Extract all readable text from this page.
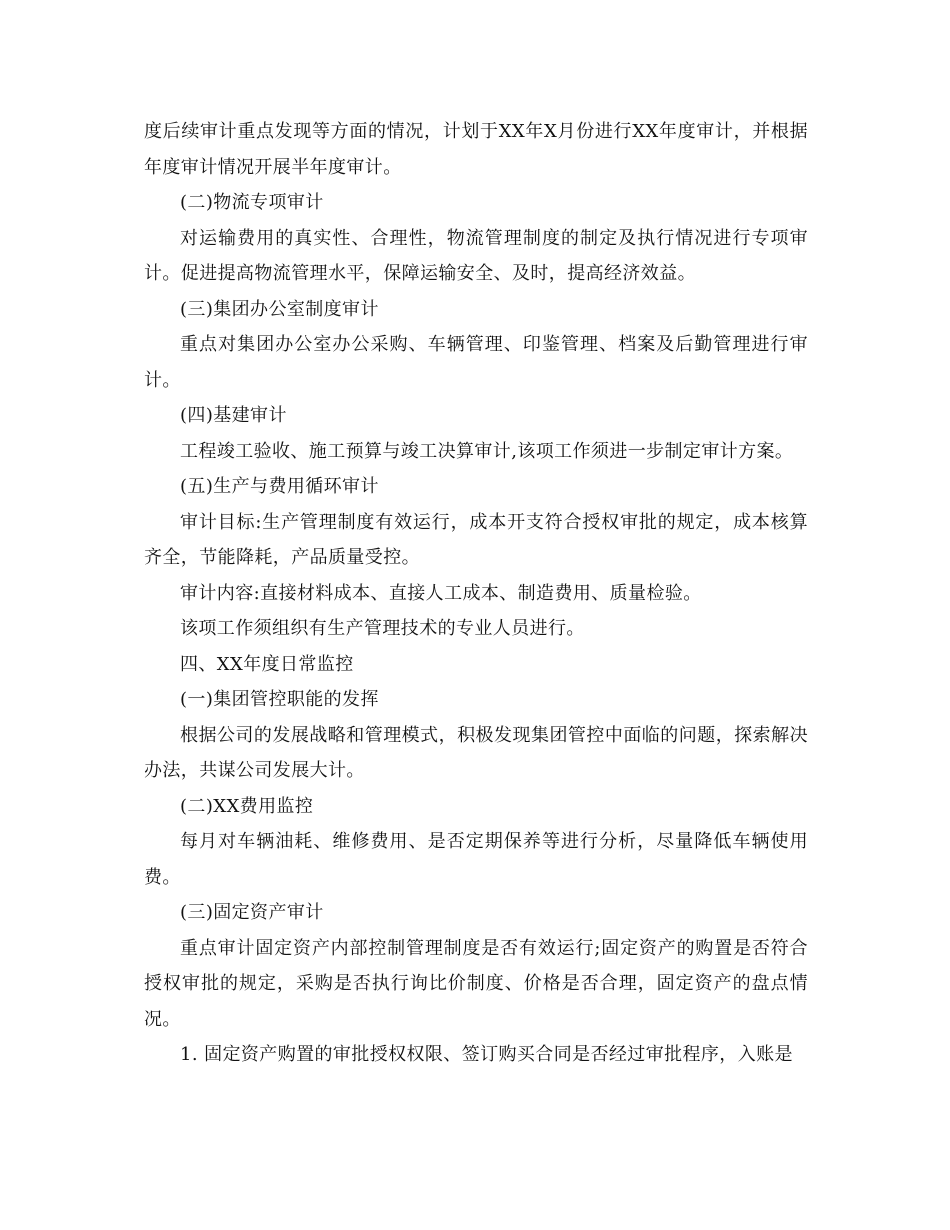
度后续审计重点发现等方面的情况，计划于XX年X月份进行XX年度审计，并根据年度审计情况开展半年度审计。

(二)物流专项审计

对运输费用的真实性、合理性，物流管理制度的制定及执行情况进行专项审计。促进提高物流管理水平，保障运输安全、及时，提高经济效益。

(三)集团办公室制度审计

重点对集团办公室办公采购、车辆管理、印鉴管理、档案及后勤管理进行审计。

(四)基建审计

工程竣工验收、施工预算与竣工决算审计,该项工作须进一步制定审计方案。

(五)生产与费用循环审计

审计目标:生产管理制度有效运行，成本开支符合授权审批的规定，成本核算齐全，节能降耗，产品质量受控。

审计内容:直接材料成本、直接人工成本、制造费用、质量检验。

该项工作须组织有生产管理技术的专业人员进行。

四、XX年度日常监控

(一)集团管控职能的发挥

根据公司的发展战略和管理模式，积极发现集团管控中面临的问题，探索解决办法，共谋公司发展大计。

(二)XX费用监控

每月对车辆油耗、维修费用、是否定期保养等进行分析，尽量降低车辆使用费。

(三)固定资产审计

重点审计固定资产内部控制管理制度是否有效运行;固定资产的购置是否符合授权审批的规定，采购是否执行询比价制度、价格是否合理，固定资产的盘点情况。

1. 固定资产购置的审批授权权限、签订购买合同是否经过审批程序，入账是
